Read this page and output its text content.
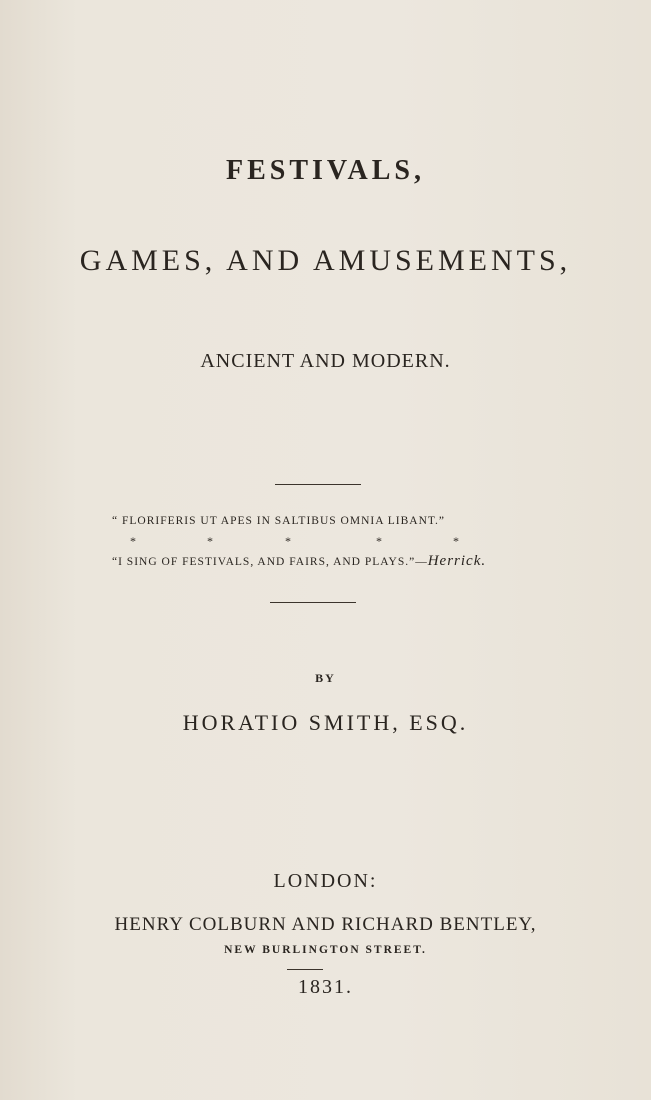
FESTIVALS,
GAMES, AND AMUSEMENTS,
ANCIENT AND MODERN.
“ FLORIFERIS UT APES IN SALTIBUS OMNIA LIBANT.”
*	*	*	*	*
“I SING OF FESTIVALS, AND FAIRS, AND PLAYS.”—Herrick.
BY
HORATIO SMITH, ESQ.
LONDON:
HENRY COLBURN AND RICHARD BENTLEY,
NEW BURLINGTON STREET.
1831.
